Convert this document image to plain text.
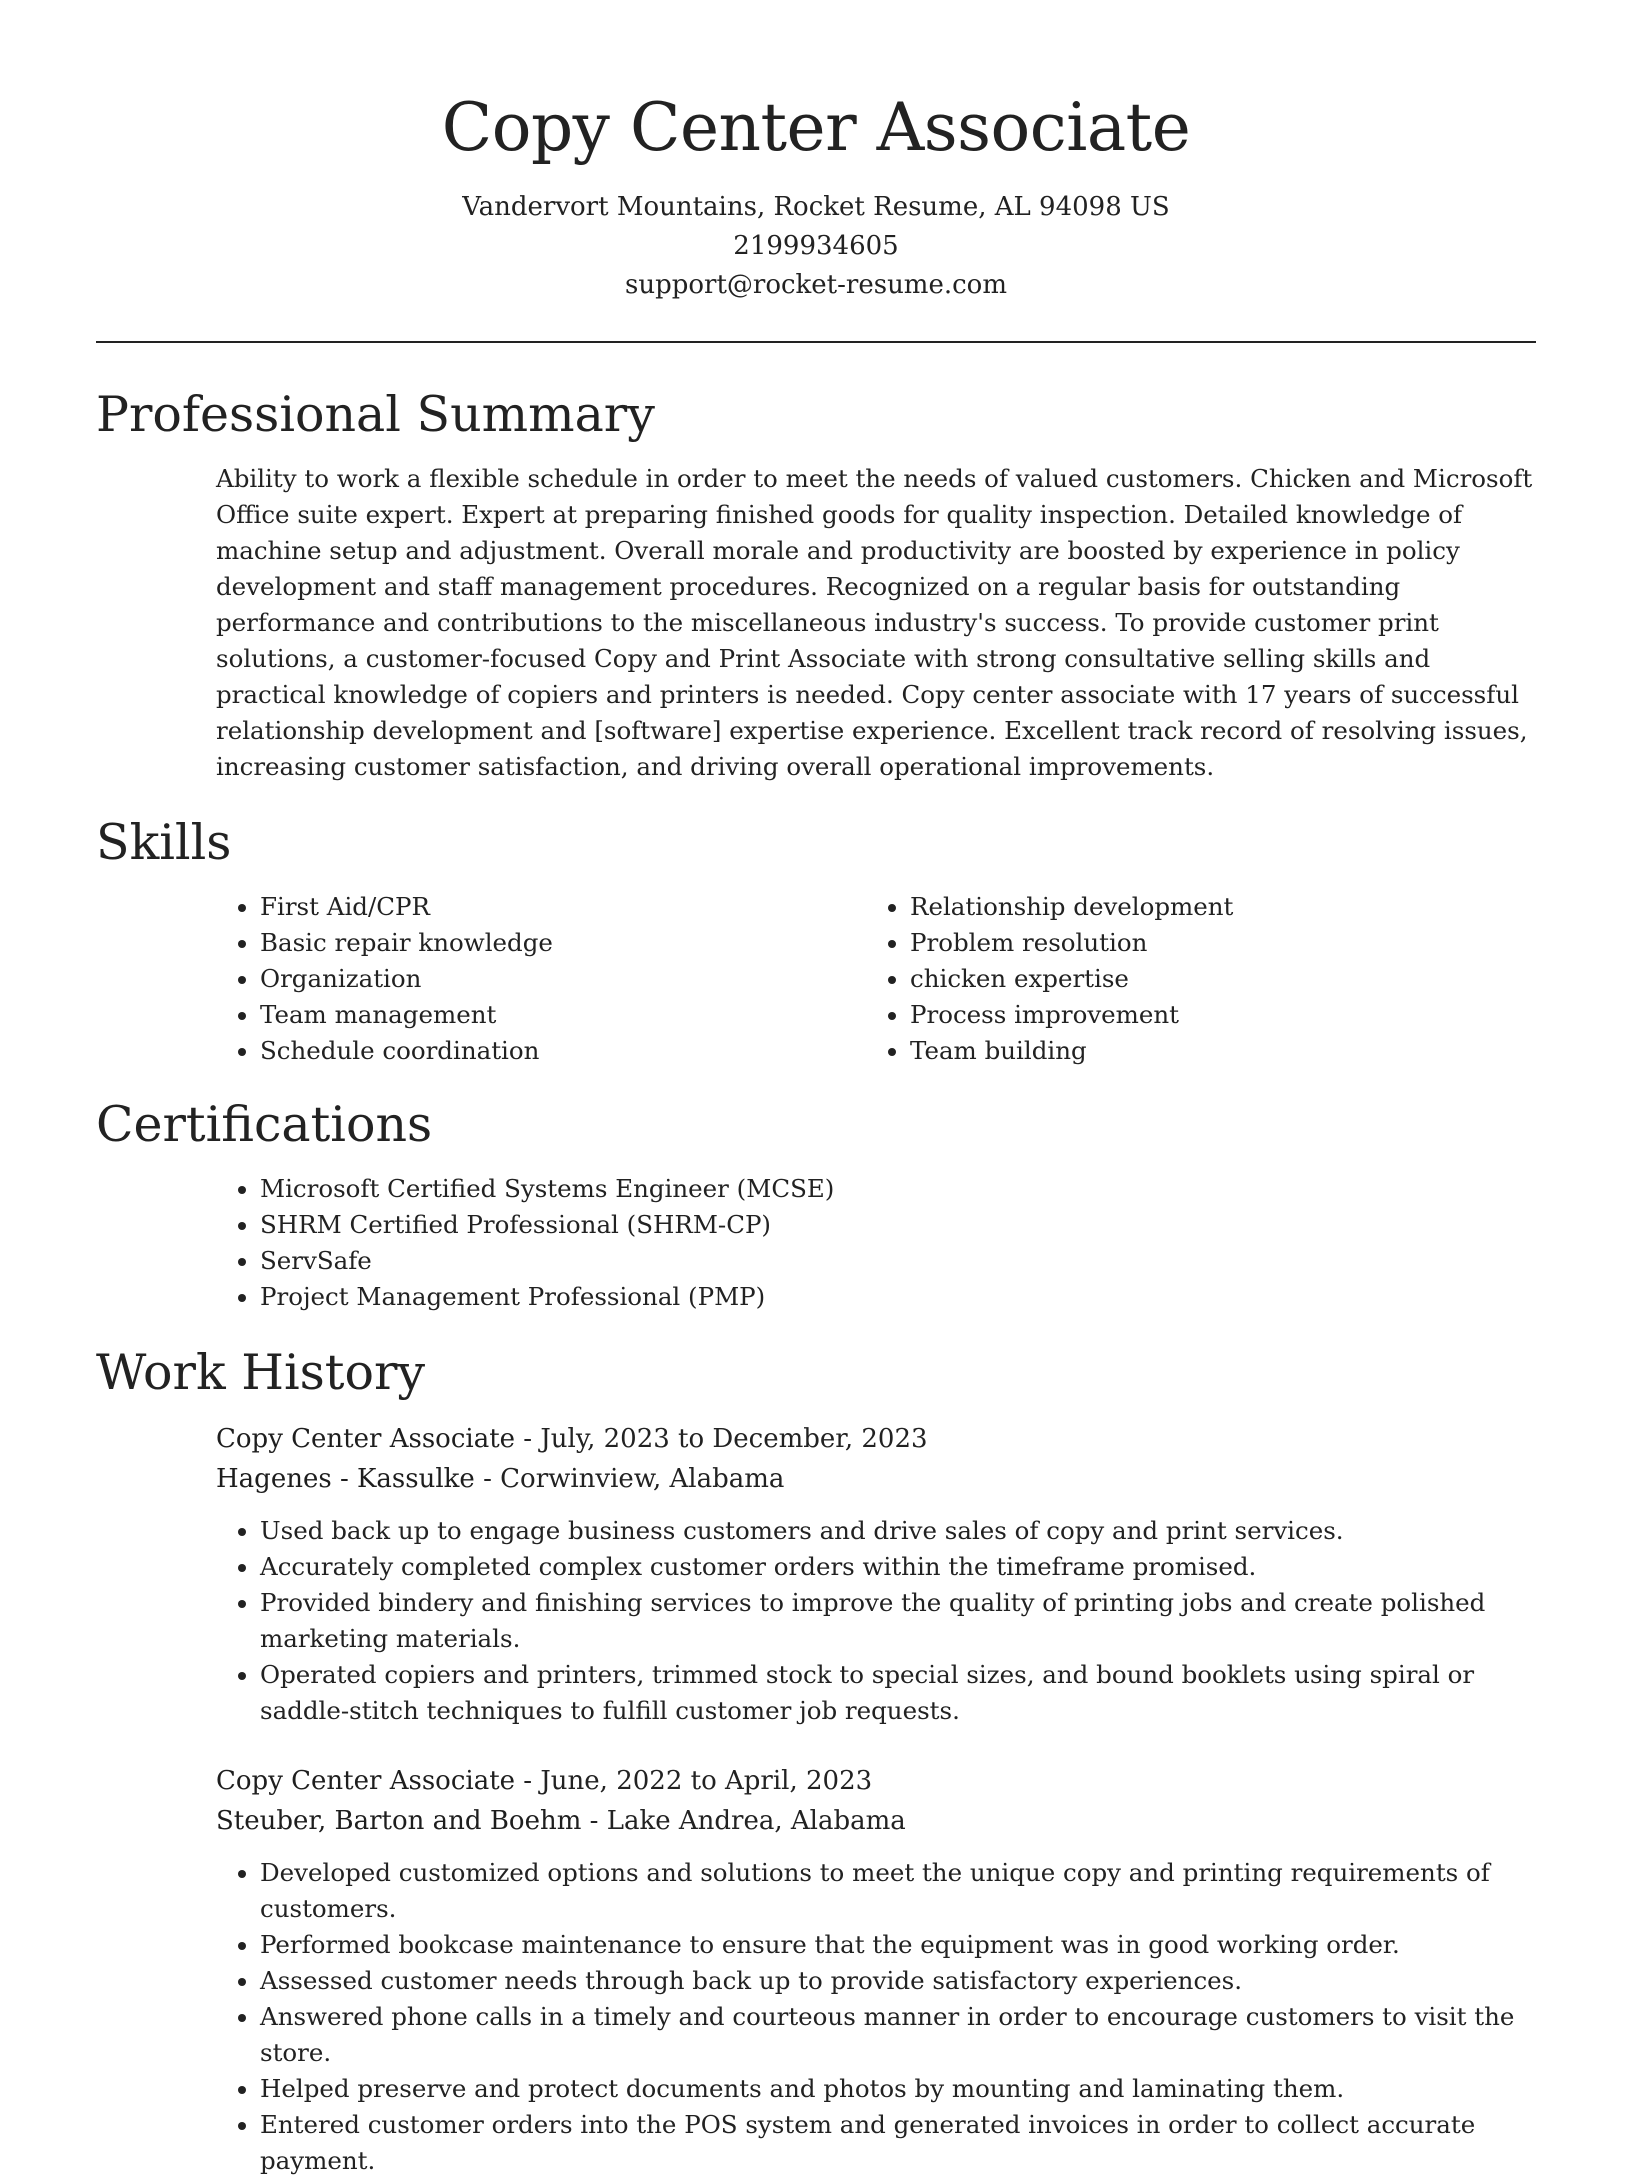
Copy Center Associate

Vandervort Mountains, Rocket Resume, AL 94098 US

2199934605

support@rocket-resume.com

Professional Summary

Ability to work a flexible schedule in order to meet the needs of valued customers. Chicken and Microsoft Office suite expert. Expert at preparing finished goods for quality inspection. Detailed knowledge of machine setup and adjustment. Overall morale and productivity are boosted by experience in policy development and staff management procedures. Recognized on a regular basis for outstanding performance and contributions to the miscellaneous industry's success. To provide customer print solutions, a customer-focused Copy and Print Associate with strong consultative selling skills and practical knowledge of copiers and printers is needed. Copy center associate with 17 years of successful relationship development and [software] expertise experience. Excellent track record of resolving issues, increasing customer satisfaction, and driving overall operational improvements.

Skills
• First Aid/CPR
• Basic repair knowledge
• Organization
• Team management
• Schedule coordination
• Relationship development
• Problem resolution
• chicken expertise
• Process improvement
• Team building
Certifications
• Microsoft Certified Systems Engineer (MCSE)
• SHRM Certified Professional (SHRM-CP)
• ServSafe
• Project Management Professional (PMP)
Work History

Copy Center Associate - July, 2023 to December, 2023

Hagenes - Kassulke - Corwinview, Alabama

• Used back up to engage business customers and drive sales of copy and print services.
• Accurately completed complex customer orders within the timeframe promised.
• Provided bindery and finishing services to improve the quality of printing jobs and create polished marketing materials.
• Operated copiers and printers, trimmed stock to special sizes, and bound booklets using spiral or saddle-stitch techniques to fulfill customer job requests.

Copy Center Associate - June, 2022 to April, 2023

Steuber, Barton and Boehm - Lake Andrea, Alabama

• Developed customized options and solutions to meet the unique copy and printing requirements of customers.
• Performed bookcase maintenance to ensure that the equipment was in good working order.
• Assessed customer needs through back up to provide satisfactory experiences.
• Answered phone calls in a timely and courteous manner in order to encourage customers to visit the store.
• Helped preserve and protect documents and photos by mounting and laminating them.
• Entered customer orders into the POS system and generated invoices in order to collect accurate payment.
